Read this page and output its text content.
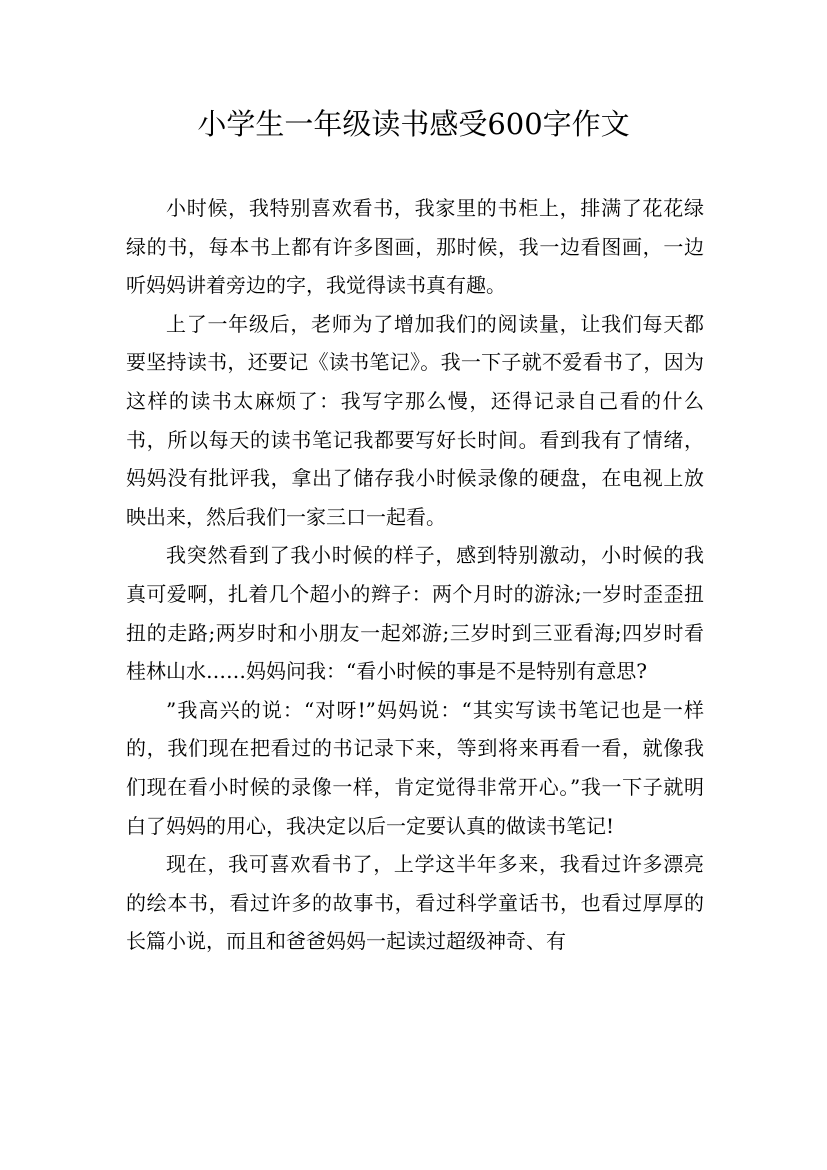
小学生一年级读书感受600字作文

小时候，我特别喜欢看书，我家里的书柜上，排满了花花绿绿的书，每本书上都有许多图画，那时候，我一边看图画，一边听妈妈讲着旁边的字，我觉得读书真有趣。

上了一年级后，老师为了增加我们的阅读量，让我们每天都要坚持读书，还要记《读书笔记》。我一下子就不爱看书了，因为这样的读书太麻烦了：我写字那么慢，还得记录自己看的什么书，所以每天的读书笔记我都要写好长时间。看到我有了情绪，妈妈没有批评我，拿出了储存我小时候录像的硬盘，在电视上放映出来，然后我们一家三口一起看。

我突然看到了我小时候的样子，感到特别激动，小时候的我真可爱啊，扎着几个超小的辫子：两个月时的游泳;一岁时歪歪扭扭的走路;两岁时和小朋友一起郊游;三岁时到三亚看海;四岁时看桂林山水……妈妈问我：“看小时候的事是不是特别有意思?

”我高兴的说：“对呀!”妈妈说：“其实写读书笔记也是一样的，我们现在把看过的书记录下来，等到将来再看一看，就像我们现在看小时候的录像一样，肯定觉得非常开心。”我一下子就明白了妈妈的用心，我决定以后一定要认真的做读书笔记!

现在，我可喜欢看书了，上学这半年多来，我看过许多漂亮的绘本书，看过许多的故事书，看过科学童话书，也看过厚厚的长篇小说，而且和爸爸妈妈一起读过超级神奇、有
